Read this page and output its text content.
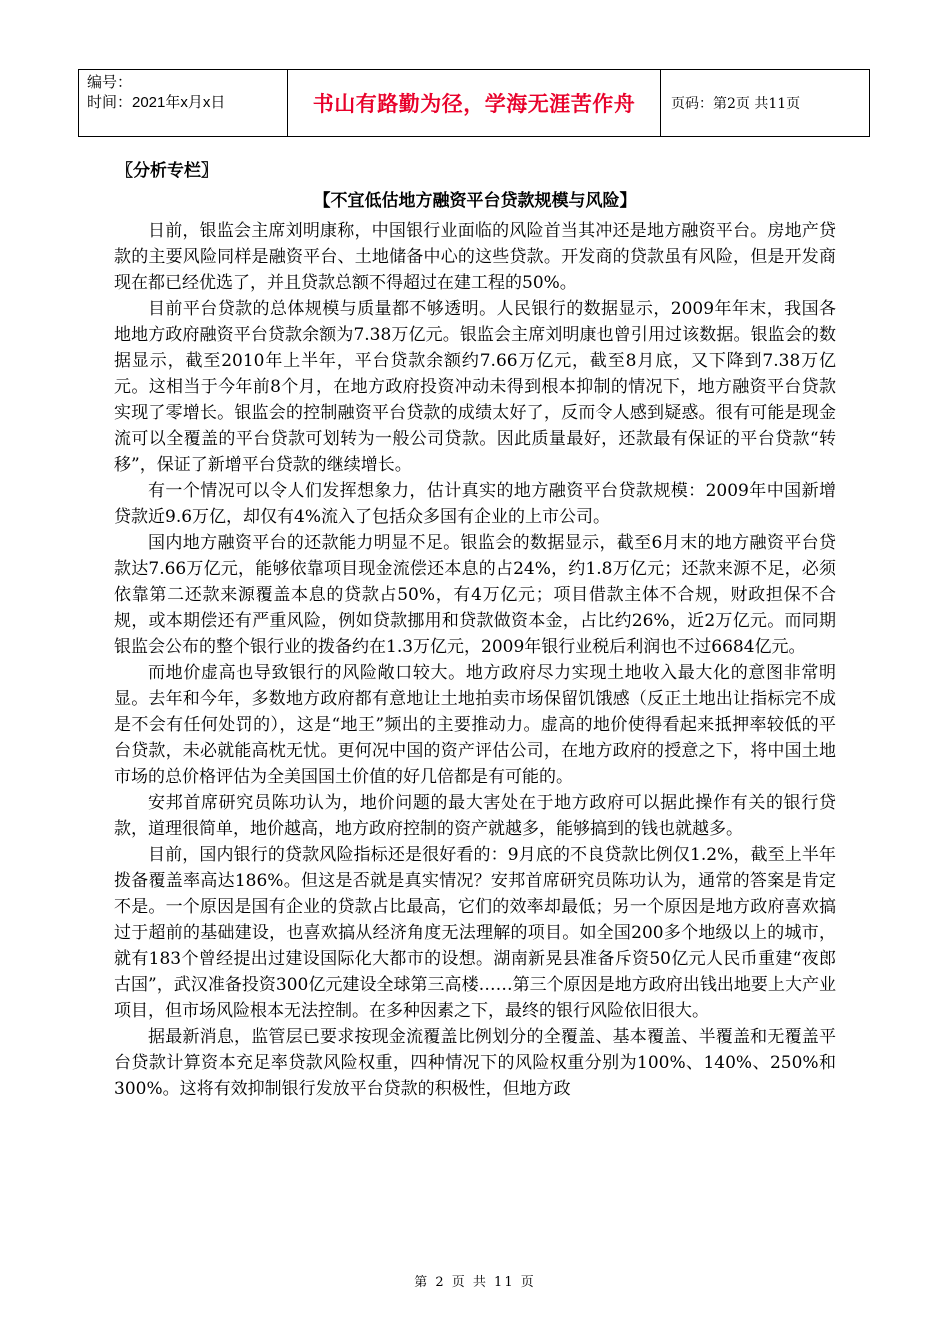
编号：
时间：2021年x月x日	书山有路勤为径，学海无涯苦作舟	页码：第2页 共11页
〖分析专栏〗
【不宜低估地方融资平台贷款规模与风险】

日前，银监会主席刘明康称，中国银行业面临的风险首当其冲还是地方融资平台。房地产贷款的主要风险同样是融资平台、土地储备中心的这些贷款。开发商的贷款虽有风险，但是开发商现在都已经优选了，并且贷款总额不得超过在建工程的50%。

目前平台贷款的总体规模与质量都不够透明。人民银行的数据显示，2009年年末，我国各地地方政府融资平台贷款余额为7.38万亿元。银监会主席刘明康也曾引用过该数据。银监会的数据显示，截至2010年上半年，平台贷款余额约7.66万亿元，截至8月底，又下降到7.38万亿元。这相当于今年前8个月，在地方政府投资冲动未得到根本抑制的情况下，地方融资平台贷款实现了零增长。银监会的控制融资平台贷款的成绩太好了，反而令人感到疑惑。很有可能是现金流可以全覆盖的平台贷款可划转为一般公司贷款。因此质量最好，还款最有保证的平台贷款“转移”，保证了新增平台贷款的继续增长。

有一个情况可以令人们发挥想象力，估计真实的地方融资平台贷款规模：2009年中国新增贷款近9.6万亿，却仅有4%流入了包括众多国有企业的上市公司。

国内地方融资平台的还款能力明显不足。银监会的数据显示，截至6月末的地方融资平台贷款达7.66万亿元，能够依靠项目现金流偿还本息的占24%，约1.8万亿元；还款来源不足，必须依靠第二还款来源覆盖本息的贷款占50%，有4万亿元；项目借款主体不合规，财政担保不合规，或本期偿还有严重风险，例如贷款挪用和贷款做资本金，占比约26%，近2万亿元。而同期银监会公布的整个银行业的拨备约在1.3万亿元，2009年银行业税后利润也不过6684亿元。

而地价虚高也导致银行的风险敞口较大。地方政府尽力实现土地收入最大化的意图非常明显。去年和今年，多数地方政府都有意地让土地拍卖市场保留饥饿感（反正土地出让指标完不成是不会有任何处罚的），这是“地王”频出的主要推动力。虚高的地价使得看起来抵押率较低的平台贷款，未必就能高枕无忧。更何况中国的资产评估公司，在地方政府的授意之下，将中国土地市场的总价格评估为全美国国土价值的好几倍都是有可能的。

安邦首席研究员陈功认为，地价问题的最大害处在于地方政府可以据此操作有关的银行贷款，道理很简单，地价越高，地方政府控制的资产就越多，能够搞到的钱也就越多。

目前，国内银行的贷款风险指标还是很好看的：9月底的不良贷款比例仅1.2%，截至上半年拨备覆盖率高达186%。但这是否就是真实情况？安邦首席研究员陈功认为，通常的答案是肯定不是。一个原因是国有企业的贷款占比最高，它们的效率却最低；另一个原因是地方政府喜欢搞过于超前的基础建设，也喜欢搞从经济角度无法理解的项目。如全国200多个地级以上的城市，就有183个曾经提出过建设国际化大都市的设想。湖南新晃县准备斥资50亿元人民币重建“夜郎古国”，武汉准备投资300亿元建设全球第三高楼……第三个原因是地方政府出钱出地要上大产业项目，但市场风险根本无法控制。在多种因素之下，最终的银行风险依旧很大。

据最新消息，监管层已要求按现金流覆盖比例划分的全覆盖、基本覆盖、半覆盖和无覆盖平台贷款计算资本充足率贷款风险权重，四种情况下的风险权重分别为100%、140%、250%和300%。这将有效抑制银行发放平台贷款的积极性，但地方政

第 2 页 共 11 页
